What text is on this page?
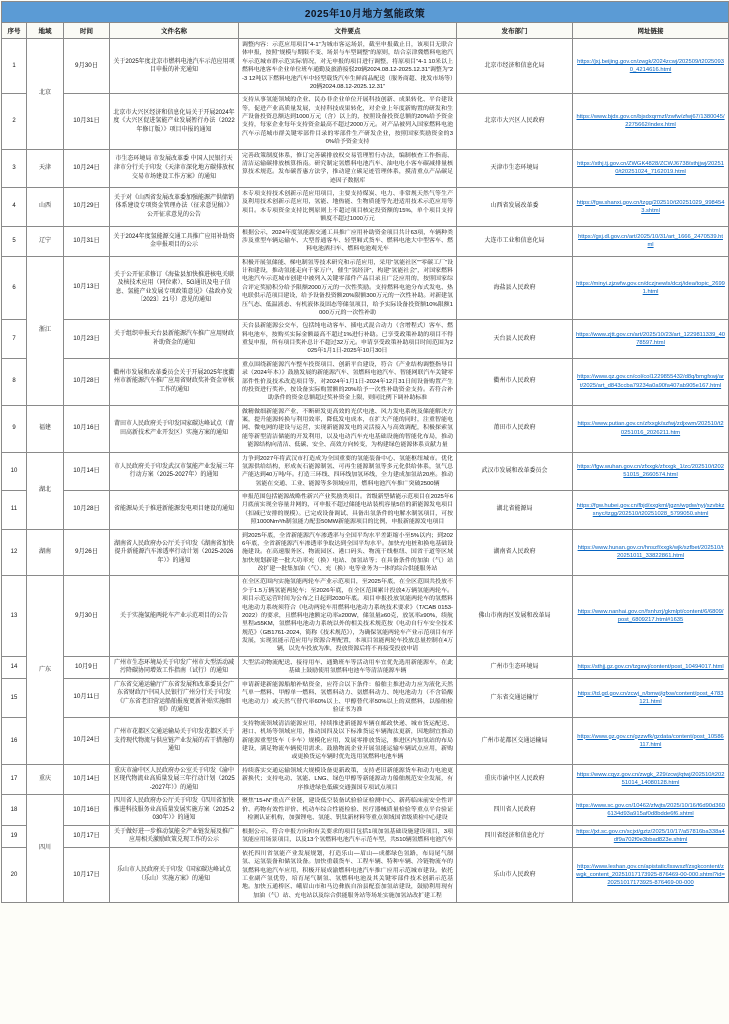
2025年10月地方氢能政策						
序号	地域	时间	文件名称	文件要点	发布部门	网址链接
1	北京	9月30日	关于2025年度北京市燃料电池汽车示范应用项目申报的补充通知	调整内容：示范应用项目“4-1”为城市客运场景，截至申报截止日，该项目无联合体申报，按照“规模与期限不变、场景与车型调整”的原则，结合京津冀燃料电池汽车示范城市群示范实际情况，对无申报的项目进行调整，将原项目“4-1 10米以上燃料电池客车企业单位班车通勤及旅游接驳20辆2024.08.12-2025.12.31”调整为“2-3 12吨以下燃料电池汽车中轻型载货汽车生鲜商品配送（服务商超、批发市场等）20辆2024.08.12-2025.12.31”	北京市经济和信息化局	https://jxj.beijing.gov.cn/zwgk/2024zcwj/202509/t20250930_4214616.html
2		10月31日	北京市大兴区经济和信息化局关于开展2024年度《大兴区促进氢能产业发展暂行办法（2022年修订版）》项目申报的通知	支持从事氢能领域的企业、民办非企业单位开展科技创新、成果转化、平台建设等，促进产业高质量发展，支持科技成果转化，对企业上年度新购置的研发和生产设备投资总额达到1000万元（含）以上的，按照设备投资总额的20%给予资金支持，每家企业每年支持资金最高不超过2000万元。对产品被列入国家燃料电池汽车示范城市群关键零部件目录的零部件生产研发企业，按照国家奖励资金的30%给予资金支持	北京市大兴区人民政府	https://www.bjdx.gov.cn/bjsdxqrmzf/zwfw/zfwj67/1380045/2275662/index.html
3	天津	10月24日	市生态环境局 市发展改革委 中国人民银行天津市分行关于印发《天津市深化地方碳排放权交易市场建设工作方案》的通知	完善政策制度体系，修订完善碳排放权交易管理暂行办法，编制核查工作指南、清洁运输碳排放核算指南。研究制定氢燃料电池汽车、油电电小客车碳减排量核算技术规范。发布碳普惠方法学，推动建立碳足迹管理体系，摸清重点产品碳足迹因子数据库	天津市生态环境局	https://sthj.tj.gov.cn/ZWGK4828/ZCWJ6738/sthjjwj/202510/t20251024_7162019.html
4	山西	10月29日	关于对《山西省发展改革委加强能源产供储销体系建设专项资金管理办法（征求意见稿）》公开征求意见的公告	本专项支持技术创新示范应用项目，主要支持煤炭、电力、非常规天然气等生产及利用技术创新示范应用，氢能、地热能、生物质能等先进适用技术示范应用等项目。本专项资金支持比例原则上不超过项目核定投资额的15%，单个项目支持额度不超过1000万元	山西省发展改革委	https://fgw.shanxi.gov.cn/tzgg/202510/t20251029_9984543.shtml
5	辽宁	10月31日	关于2024年度氢能源交通工具推广应用补助资金申报项目的公示	根据公示，2024年度氢能源交通工具推广应用补助资金项目共计63项，车辆种类涉及重型车辆运输车、大型普通客车、轻型厢式货车、燃料电池大中型客车、燃料电池洒扫车、燃料电池观光车	大连市工业和信息化局	https://gxj.dl.gov.cn/art/2025/10/31/art_1666_2470539.html
6	浙江	10月13日	关于公开征求修订《海盐县加快推进核电关联及核技术应用（同位素）、5G通讯及电子信息、氢能产业发展专项政策意见》（盐政办发〔2023〕21号）意见的通知	积极开展氢储能、梯电制氢等技术研究和示范应用，采用“氢能社区”“零碳工厂”设计和建设，推动氢能走向千家万户，催生“氢经济”，构建“氢能社会”，对国家燃料电池汽车示范城市创建中被列入关键零部件产品目录且广泛应用的，按照国家综合评定奖励积分给予限额2000万元的一次性奖励。支持燃料电池分布式发电、热电联供示范项目建设，给予设备投资额20%限额300万元的一次性补助。对新建氢压气态、低温液态、有机液体及固态等储氢项目，给予实际设备投资额10%限额1000万元的一次性补助	海盐县人民政府	https://minyi.zjzwfw.gov.cn/dczjnewls/dczj/idea/topic_26991.html
7		10月23日	关于组织申报天台县新能源汽车推广应用财政补助资金的通知	天台县新能源公交车，包括纯电动客车、插电式混合动力（含增程式）客车、燃料电池车，按购买实际金额最高不超过1%进行补助。已享受政策补助的项目不得重复申报，所有项目奖补总计不超过32万元。申请享受政策补助项目时间范围为2025年1月1日-2025年10月30日	天台县人民政府	https://www.zjtt.gov.cn/art/2025/10/23/art_1229811339_4078597.html
8		10月28日	衢州市发展和改革委员会关于开展2025年度衢州市新能源汽车推广应用省财政奖补资金审核工作的通知	重点围绕新能源汽车整车投资项目、创新平台建设，符合《产业结构调整指导目录（2024年本）》鼓励发展的新能源汽车、氢燃料电池汽车、智能网联汽车关键零部件性价及技术改造项目等，对2024年1月1日-2024年12月31日间设备购置产生的投资进行奖补，按设备实际购置额的20%给予一次性补助资金支持。若符合补助条件的资金总额超过奖补资金上限，则同比例下调补助标准	衢州市人民政府	https://www.qz.gov.cn/col/col1229855432/d8q/bmgfxwj/art/2025/art_d843ccba79234a0a90fa407ab905e167.html
9	福建	10月16日	莆田市人民政府关于印发国家碳达峰试点（莆田高新技术产业开发区）实施方案的通知	做精做细新能源产业，不断研发更高效的光伏电池、风力发电系统及储能解决方案，提升能源转换与利用效率，降低发电成本，在扩大产能的同时，注重智能电网、微电网的建设与运营，实现新能源发电的灵活接入与高效调配，积极探索氢能等新型清洁储能的开发利用，以及电动汽车充电基础设施的智能化布局，推动能源结构向清洁、低碳、安全、高效方向转变，为构建绿色能源体系贡献力量	莆田市人民政府	https://www.putian.gov.cn/zfxxgk/szfwj/zdjxwm/202510/t20251016_2026211.htm
10	湖北	10月14日	市人民政府关于印发武汉市氢能产业发展三年行动方案（2025-2027年）的通知	力争到2027年将武汉市打造成为全国重要的氢能装备中心、氢能枢纽城市。优化氢源供给结构，形成灰石能源制氢、可再生能源制氢等多元化供给体系，氢气总产能达到40万吨/年。打造三环线、四环线加氢环线，全力建成加氢站20座。推动氢能在交通、工业、能源等多领域应用，燃料电池汽车推广突破2500辆	武汉市发展和改革委员会	https://fgw.wuhan.gov.cn/zfxxgk/zfxxgk_1/zc/202510/t20251015_2660574.html
11		10月28日	省能源局关于推进新能源发电项目建设的通知	申报范围包括能源战略性新兴产业奖励类项目。省级新型储能示范项目在2025年6月底前实现全容量并网的，可申报不超过储能电站装机容量5倍的新能源发电项目（扣减已安排的规模）。已完成设备调试、具备出氢条件的电解水制氢项目，可按照1000Nm³/h制氢能力配套50MW新能源项目的比例，申报新能源发电项目	湖北省能源局	https://fgw.hubei.gov.cn/fbjd/xxgkml/jgzn/wgdw/nyj/szvbkzsnyc/tzgg/202510/t20251028_5799050.shtml
12	湖南	9月26日	湖南省人民政府办公厅关于印发《湖南省加快提升新能源汽车渗透率行动计划（2025-2026年）》的通知	到2025年底，全省新能源汽车渗透率与全国平均水平差距缩小至5%以内；到2026年底，全省新能源汽车渗透率争取达到全国平均水平。加快充电桩和换电基础设施建设。在高速服务区、物流园区、港口码头、物流干线枢纽、国省干道等区域加快规划新建一批大功率充（换）电站、加氢站等；在具备条件的加油（气）站改扩建一批集加油（气）、充（换）电等业务为一体的综合供能服务站	湖南省人民政府	https://www.hunan.gov.cn/hnszf/xxgk/wjk/szfbet/202510/t20251011_33822861.html
13	广东	9月30日	关于实施氢能两轮车产业示范项目的公告	在全区范围内实施氢能两轮车产业示范项目，至2025年底，在全区范围共投放不少于1.5万辆氢能两轮车；至2026年底，在全区范围累计投放4万辆氢能两轮车。项目示范运营时间为公布之日起到2030年底。项目申报投放氢能两轮车的氢燃料电池动力系统须符合《电动两轮车用燃料电池动力系统技术要求》（T/CAB 0153-2022）的要求，且燃料电池额定功率≥200W，储氢量≥60克，放氢率≥90%，续航里程≥55KM，氢燃料电池动力系统以外的相关技术规范按《电动自行车安全技术规范》（GB1761-2024，简称《技术规范》），为确保氢能两轮车产业示范项目有序发展，实现氢能示范应用与资源合理配置，本项目氢能两轮车投放总量控制在4万辆，以先车投放为准，投放资源后将不再接受投放申请	佛山市南海区发展和改革局	https://www.nanhai.gov.cn/fsnhzrj/gkmlpt/content/6/6809/post_6809217.html#1635
14		10月9日	广州市生态环境局关于印发广州市大型活动减污降碳协同增效工作指南（试行）的通知	大型活动物流配送、接待用车、通勤班车等活动用车宜优先选用新能源车，在此基础上鼓励使用氢燃料电池车等清洁能源车辆	广州市生态环境局	https://sthjj.gz.gov.cn/tzgxwj/content/post_10494017.html
15		10月11日	广东省交通运输厅广东省发展和改革委员会广东省财政厅中国人民银行广州分行关于印发《广东省老旧营运船舶报废更新补贴实施细则》的通知	申请新建新能源船舶补贴资金，应符合以下条件：船舶主推进动力应为液化天然气单一燃料、甲醇单一燃料、氢燃料动力、氨燃料动力、纯电池动力（不含铅酸电池动力）或天然气替代率60%以上、甲醇替代率50%以上的双燃料，以船舶检验证书为准	广东省交通运输厅	https://td.gd.gov.cn/zcwj_n/bmwj/gfxw/content/post_4783121.html
16		10月24日	广州市花都区交通运输局关于印发花都区关于支持现代物流与供应链产业发展的若干措施的通知	支持物流领域清洁能源应用，持续推进新能源车辆在邮政快递、城市货运配送、港口、机场等领域应用，推动国四及以下标准货运车辆淘汰更新，因地制宜推动新能源重型货车（卡车）规模化应用，发展零排放货运，推进区内加氢站的布局建设，满足物流车辆使用需求。鼓励物流企业开展氢能运输车辆试点应用，新购或更换货运车辆时优先选用氢燃料电池车辆	广州市花都区交通运输局	https://www.gz.gov.cn/gzzwfk/gzdata/content/post_10586117.html
17	重庆	10月14日	重庆市渝中区人民政府办公室关于印发《渝中区现代物流业高质量发展三年行动计划（2025-2027年）》的通知	持续落实交通运输领域大规模设备更新政策，支持老旧新能源货车和动力电池更新换代；支持电动、氢能、LNG、绿色甲醇等新能源动力船舶规范安全发展，有序推进绿色低碳交通强国专项试点项目	重庆市渝中区人民政府	https://www.cqyz.gov.cn/zwgk_229/zcwj/qtwj/202510/t20251014_14080128.html
18	四川	10月16日	四川省人民政府办公厅关于印发《四川省加快推进科技服务业高质量发展实施方案（2025-2030年）》的通知	聚焦“15+N”重点产业链，建设低空装备试验验证检测中心、新药临床前安全性评价、药物有效性评价、机动车综合性能检验、医疗器械质量检验等重点平台验证检测认证机构，加强锂电、氢能、钒钛新材料等重点领域国省级质检中心建设	四川省人民政府	https://www.sc.gov.cn/10462/zfwjts/2025/10/16/f6d90d3606134d93a915af0d8bdde6f6.shtml
19		10月17日	关于做好进一步推动氢能全产业链发展及推广应用相关激励政策兑现工作的公示	根据公示，符合申报方向和有关要求的项目包括1项加氢基础设施建设项目，3项氢能应用场景项目，以及13个氢燃料电池汽车示范车型，共510辆氢燃料电池汽车	四川省经济和信息化厅	https://jxt.sc.gov.cn/scjxt/gztz/2025/10/17/a57816ba338a4df9a702f0e3bbad823e.shtml
20		10月17日	乐山市人民政府关于印发《国家碳达峰试点（乐山）实施方案》的通知	依托四川省氢能产业发展规划，打造乐山—眉山—成都绿色氢路，布局尾气制氢、运氢装备和储氢设备。加快重载货车、工程车辆、特种车辆、冷链物流车的氢燃料电池汽车应用，积极开展成渝燃料电池汽车推广应用示范城市建设。依托工业副产氢优势，培育尾气制氢、氢燃料电池及其关键零部件技术创新示范基地。加快五通桥区、峨眉山市和马边彝族自治县配套加氢站建设，鼓励利用现有加油（气）站、充电站以及综合供能服务站等场址实施加氢站改扩建工程	乐山市人民政府	https://www.leshan.gov.cn/apistatic/lsswszf/zsgkcontent/zwgk_content_20251017173925-876469-00-000.shtml?id=20251017173925-876469-00-000
